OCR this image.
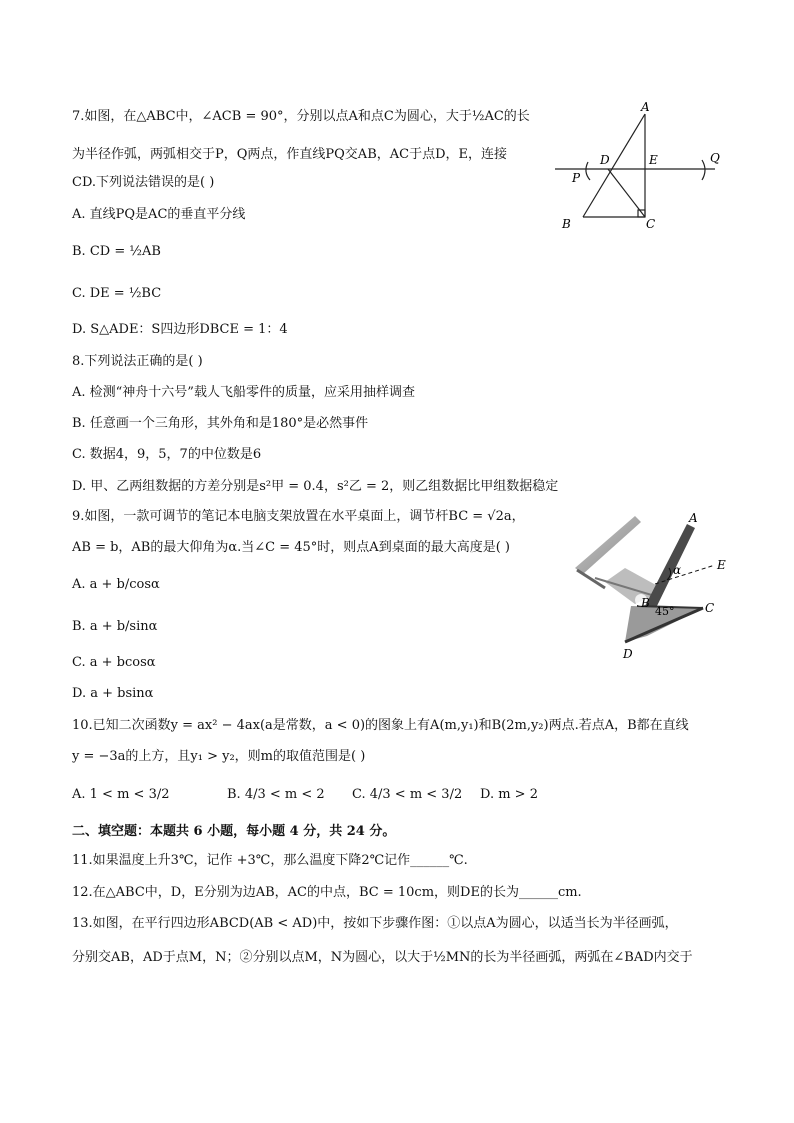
7.如图，在△ABC中，∠ACB = 90°，分别以点A和点C为圆心，大于½AC的长
为半径作弧，两弧相交于P，Q两点，作直线PQ交AB，AC于点D，E，连接
CD.下列说法错误的是( )
A. 直线PQ是AC的垂直平分线
B. CD = ½AB
C. DE = ½BC
D. S△ADE：S四边形DBCE = 1：4
A
D	E	Q
P
B	C
8.下列说法正确的是( )
A. 检测“神舟十六号”载人飞船零件的质量，应采用抽样调查
B. 任意画一个三角形，其外角和是180°是必然事件
C. 数据4，9，5，7的中位数是6
D. 甲、乙两组数据的方差分别是s²甲 = 0.4，s²乙 = 2，则乙组数据比甲组数据稳定
9.如图，一款可调节的笔记本电脑支架放置在水平桌面上，调节杆BC = √2a，
AB = b，AB的最大仰角为α.当∠C = 45°时，则点A到桌面的最大高度是( )
A. a + b/cosα
B. a + b/sinα
C. a + bcosα
D. a + bsinα
A
E
α
B
45°	C
D
10.已知二次函数y = ax² − 4ax(a是常数，a < 0)的图象上有A(m,y₁)和B(2m,y₂)两点.若点A，B都在直线
y = −3a的上方，且y₁ > y₂，则m的取值范围是( )
A. 1 < m < 3/2	B. 4/3 < m < 2 C. 4/3 < m < 3/2 D. m > 2
二、填空题：本题共 6 小题，每小题 4 分，共 24 分。
11.如果温度上升3℃，记作 +3℃，那么温度下降2℃记作______℃.
12.在△ABC中，D，E分别为边AB，AC的中点，BC = 10cm，则DE的长为______cm.
13.如图，在平行四边形ABCD(AB < AD)中，按如下步骤作图：①以点A为圆心，以适当长为半径画弧，
分别交AB，AD于点M，N；②分别以点M，N为圆心，以大于½MN的长为半径画弧，两弧在∠BAD内交于
